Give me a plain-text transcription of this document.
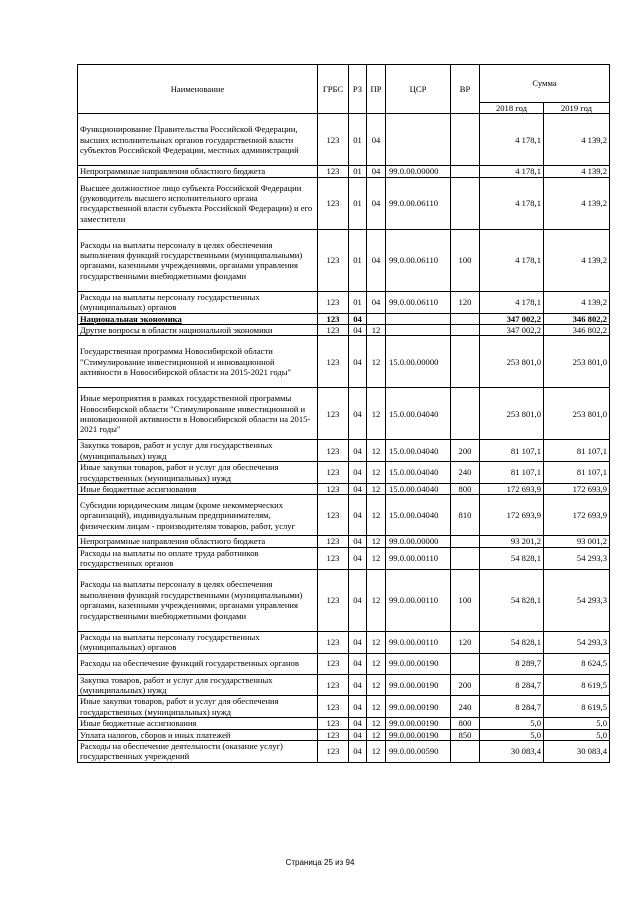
Наименование	ГРБС	РЗ	ПР	ЦСР	ВР	Сумма	
						2018 год	2019 год
Функционирование Правительства Российской Федерации, высших исполнительных органов государственной власти субъектов Российской Федерации, местных администраций	123	01	04			4 178,1	4 139,2
Непрограммные направления областного бюджета	123	01	04	99.0.00.00000		4 178,1	4 139,2
Высшее должностное лицо субъекта Российской Федерации (руководитель высшего исполнительного органа государственной власти субъекта Российской Федерации) и его заместители	123	01	04	99.0.00.06110		4 178,1	4 139,2
Расходы на выплаты персоналу в целях обеспечения выполнения функций государственными (муниципальными) органами, казенными учреждениями, органами управления государственными внебюджетными фондами	123	01	04	99.0.00.06110	100	4 178,1	4 139,2
Расходы на выплаты персоналу государственных (муниципальных) органов	123	01	04	99.0.00.06110	120	4 178,1	4 139,2
Национальная экономика	123	04				347 002,2	346 802,2
Другие вопросы в области национальной экономики	123	04	12			347 002,2	346 802,2
Государственная программа Новосибирской области "Стимулирование инвестиционной и инновационной активности в Новосибирской области на 2015-2021 годы"	123	04	12	15.0.00.00000		253 801,0	253 801,0
Иные мероприятия в рамках государственной программы Новосибирской области "Стимулирование инвестиционной и инновационной активности в Новосибирской области на 2015-2021 годы"	123	04	12	15.0.00.04040		253 801,0	253 801,0
Закупка товаров, работ и услуг для государственных (муниципальных) нужд	123	04	12	15.0.00.04040	200	81 107,1	81 107,1
Иные закупки товаров, работ и услуг для обеспечения государственных (муниципальных) нужд	123	04	12	15.0.00.04040	240	81 107,1	81 107,1
Иные бюджетные ассигнования	123	04	12	15.0.00.04040	800	172 693,9	172 693,9
Субсидии юридическим лицам (кроме некоммерческих организаций), индивидуальным предпринимателям, физическим лицам - производителям товаров, работ, услуг	123	04	12	15.0.00.04040	810	172 693,9	172 693,9
Непрограммные направления областного бюджета	123	04	12	99.0.00.00000		93 201,2	93 001,2
Расходы на выплаты по оплате труда работников государственных органов	123	04	12	99.0.00.00110		54 828,1	54 293,3
Расходы на выплаты персоналу в целях обеспечения выполнения функций государственными (муниципальными) органами, казенными учреждениями, органами управления государственными внебюджетными фондами	123	04	12	99.0.00.00110	100	54 828,1	54 293,3
Расходы на выплаты персоналу государственных (муниципальных) органов	123	04	12	99.0.00.00110	120	54 828,1	54 293,3
Расходы на обеспечение функций государственных органов	123	04	12	99.0.00.00190		8 289,7	8 624,5
Закупка товаров, работ и услуг для государственных (муниципальных) нужд	123	04	12	99.0.00.00190	200	8 284,7	8 619,5
Иные закупки товаров, работ и услуг для обеспечения государственных (муниципальных) нужд	123	04	12	99.0.00.00190	240	8 284,7	8 619,5
Иные бюджетные ассигнования	123	04	12	99.0.00.00190	800	5,0	5,0
Уплата налогов, сборов и иных платежей	123	04	12	99.0.00.00190	850	5,0	5,0
Расходы на обеспечение деятельности (оказание услуг) государственных учреждений	123	04	12	99.0.00.00590		30 083,4	30 083,4
Страница 25 из 94
